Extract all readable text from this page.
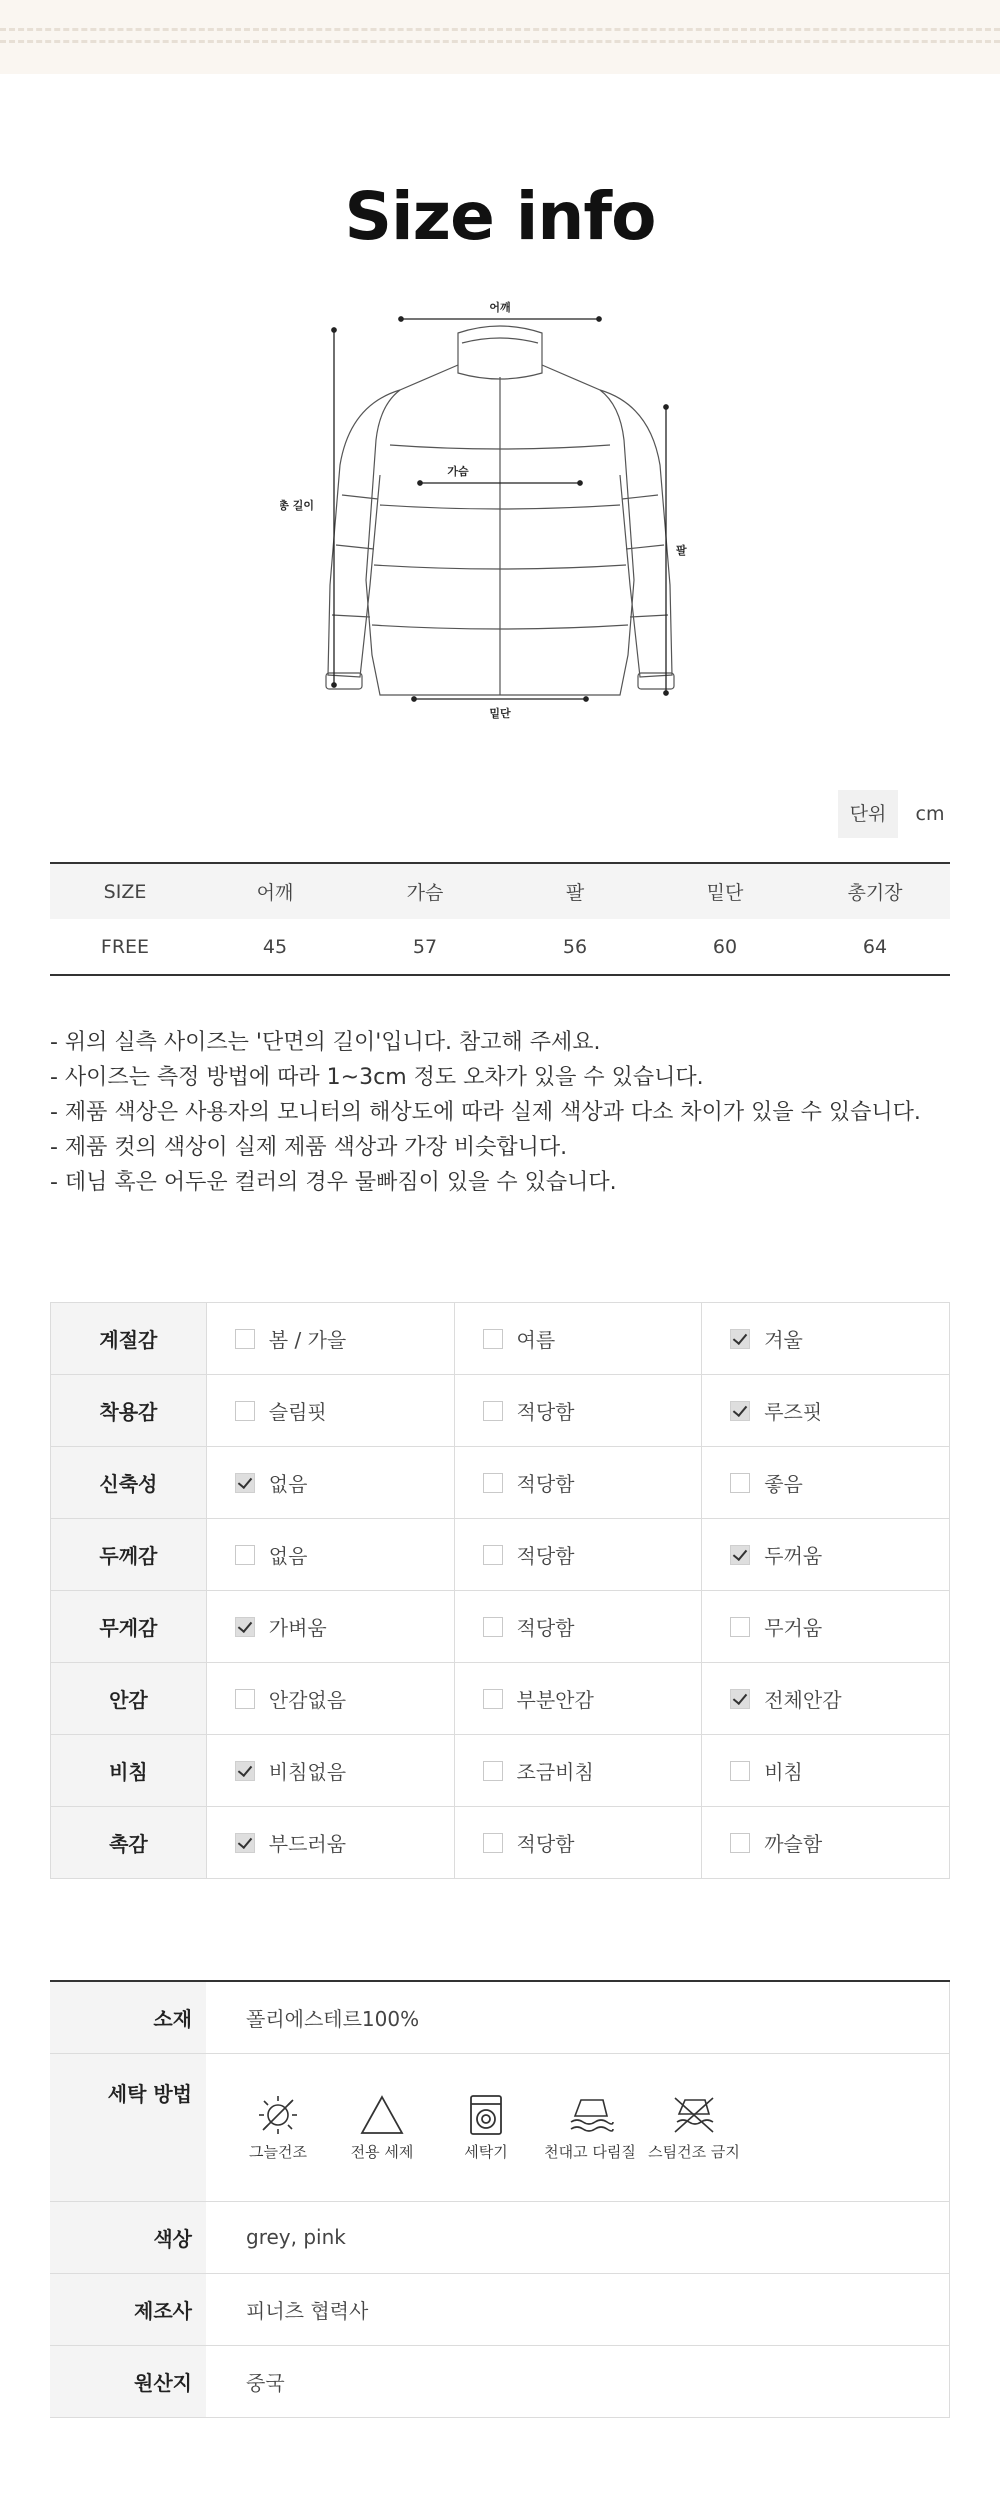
Size info
어깨
가슴
밑단
총 길이
팔
단위	cm
SIZE	어깨	가슴	팔	밑단	총기장
FREE	45	57	56	60	64
- 위의 실측 사이즈는 '단면의 길이'입니다. 참고해 주세요.
- 사이즈는 측정 방법에 따라 1~3cm 정도 오차가 있을 수 있습니다.
- 제품 색상은 사용자의 모니터의 해상도에 따라 실제 색상과 다소 차이가 있을 수 있습니다.
- 제품 컷의 색상이 실제 제품 색상과 가장 비슷합니다.
- 데님 혹은 어두운 컬러의 경우 물빠짐이 있을 수 있습니다.
계절감	봄 / 가을	여름	겨울
착용감	슬림핏	적당함	루즈핏
신축성	없음	적당함	좋음
두께감	없음	적당함	두꺼움
무게감	가벼움	적당함	무거움
안감	안감없음	부분안감	전체안감
비침	비침없음	조금비침	비침
촉감	부드러움	적당함	까슬함
소재	폴리에스테르100%
세탁 방법	그늘건조 전용 세제 세탁기 천대고 다림질 스팀건조 금지

색상	grey, pink
제조사	피너츠 협력사
원산지	중국
